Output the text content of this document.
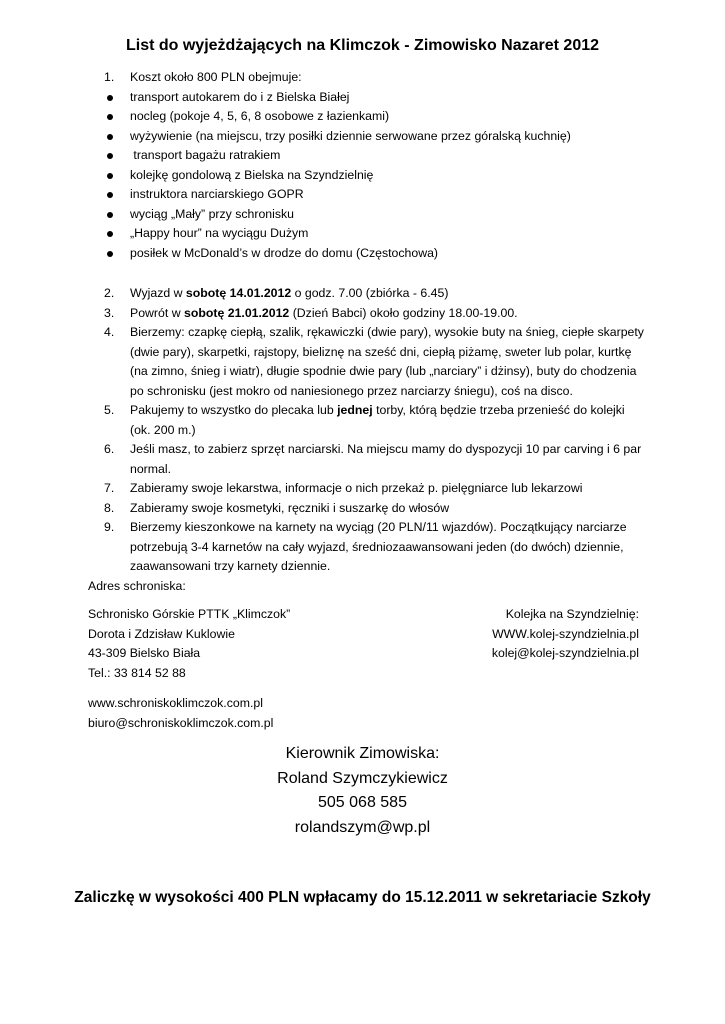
List do wyjeżdżających na Klimczok - Zimowisko Nazaret 2012
1.	Koszt około 800 PLN obejmuje:
transport autokarem do i z Bielska Białej
nocleg (pokoje 4, 5, 6, 8 osobowe z łazienkami)
wyżywienie (na miejscu, trzy posiłki dziennie serwowane przez góralską kuchnię)
transport bagażu ratrakiem
kolejkę gondolową z Bielska na Szyndzielnię
instruktora narciarskiego GOPR
wyciąg „Mały” przy schronisku
„Happy hour” na wyciągu Dużym
posiłek w McDonald’s w drodze do domu (Częstochowa)
2.	Wyjazd w sobotę 14.01.2012 o godz. 7.00 (zbiórka - 6.45)
3.	Powrót w sobotę 21.01.2012 (Dzień Babci) około godziny 18.00-19.00.
4.	Bierzemy: czapkę ciepłą, szalik, rękawiczki (dwie pary), wysokie buty na śnieg, ciepłe skarpety
(dwie pary), skarpetki, rajstopy, bieliznę na sześć dni, ciepłą piżamę, sweter lub polar, kurtkę
(na zimno, śnieg i wiatr), długie spodnie dwie pary (lub „narciary” i dżinsy), buty do chodzenia
po schronisku (jest mokro od naniesionego przez narciarzy śniegu), coś na disco.
5.	Pakujemy to wszystko do plecaka lub jednej torby, którą będzie trzeba przenieść do kolejki
(ok. 200 m.)
6.	Jeśli masz, to zabierz sprzęt narciarski. Na miejscu mamy do dyspozycji 10 par carving i 6 par
normal.
7.	Zabieramy swoje lekarstwa, informacje o nich przekaż p. pielęgniarce lub lekarzowi
8.	Zabieramy swoje kosmetyki, ręczniki i suszarkę do włosów
9.	Bierzemy kieszonkowe na karnety na wyciąg (20 PLN/11 wjazdów). Początkujący narciarze
potrzebują 3-4 karnetów na cały wyjazd, średniozaawansowani jeden (do dwóch) dziennie,
zaawansowani trzy karnety dziennie.
Adres schroniska:
Schronisko Górskie PTTK „Klimczok”
Dorota i Zdzisław Kuklowie
43-309 Bielsko Biała
Tel.: 33 814 52 88
Kolejka na Szyndzielnię:
WWW.kolej-szyndzielnia.pl
kolej@kolej-szyndzielnia.pl
www.schroniskoklimczok.com.pl
biuro@schroniskoklimczok.com.pl
Kierownik Zimowiska:
Roland Szymczykiewicz
505 068 585
rolandszym@wp.pl
Zaliczkę w wysokości 400 PLN wpłacamy do 15.12.2011 w sekretariacie Szkoły
